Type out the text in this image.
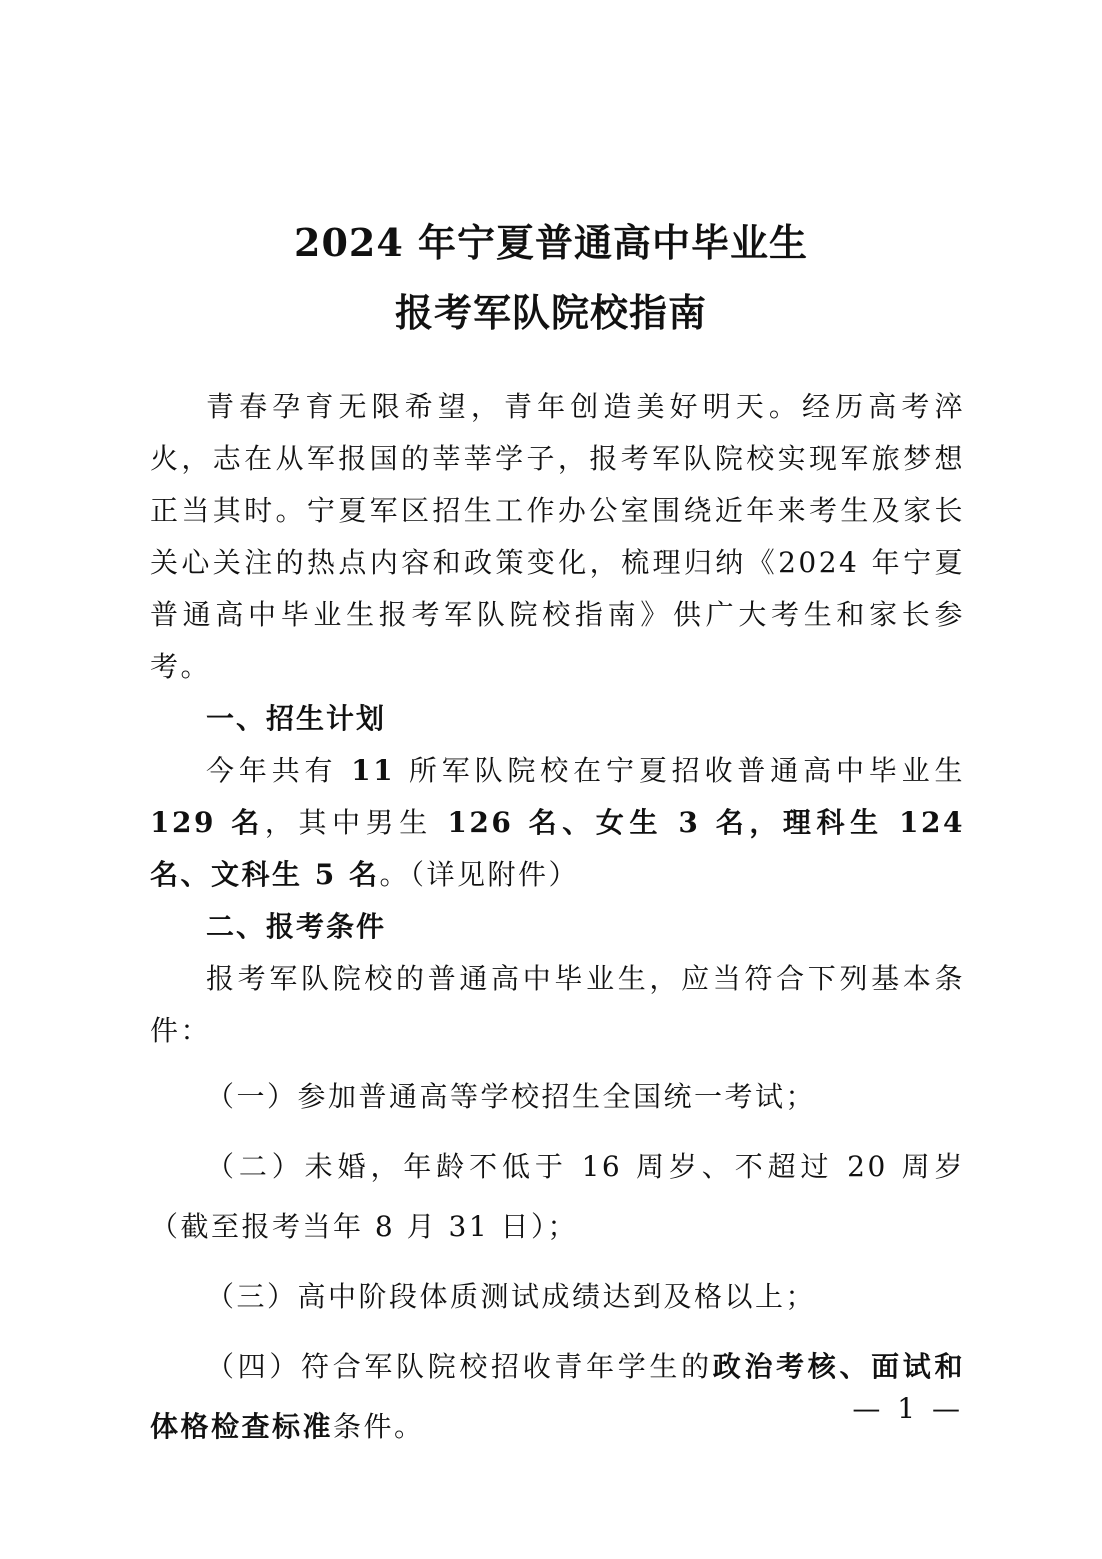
2024 年宁夏普通高中毕业生
报考军队院校指南

青春孕育无限希望，青年创造美好明天。经历高考淬火，志在从军报国的莘莘学子，报考军队院校实现军旅梦想正当其时。宁夏军区招生工作办公室围绕近年来考生及家长关心关注的热点内容和政策变化，梳理归纳《2024 年宁夏普通高中毕业生报考军队院校指南》供广大考生和家长参考。

一、招生计划

今年共有 11 所军队院校在宁夏招收普通高中毕业生 129 名，其中男生 126 名、女生 3 名，理科生 124 名、文科生 5 名。（详见附件）

二、报考条件

报考军队院校的普通高中毕业生，应当符合下列基本条件：

（一）参加普通高等学校招生全国统一考试；

（二）未婚，年龄不低于 16 周岁、不超过 20 周岁（截至报考当年 8 月 31 日）；

（三）高中阶段体质测试成绩达到及格以上；

（四）符合军队院校招收青年学生的政治考核、面试和体格检查标准条件。

— 1 —
